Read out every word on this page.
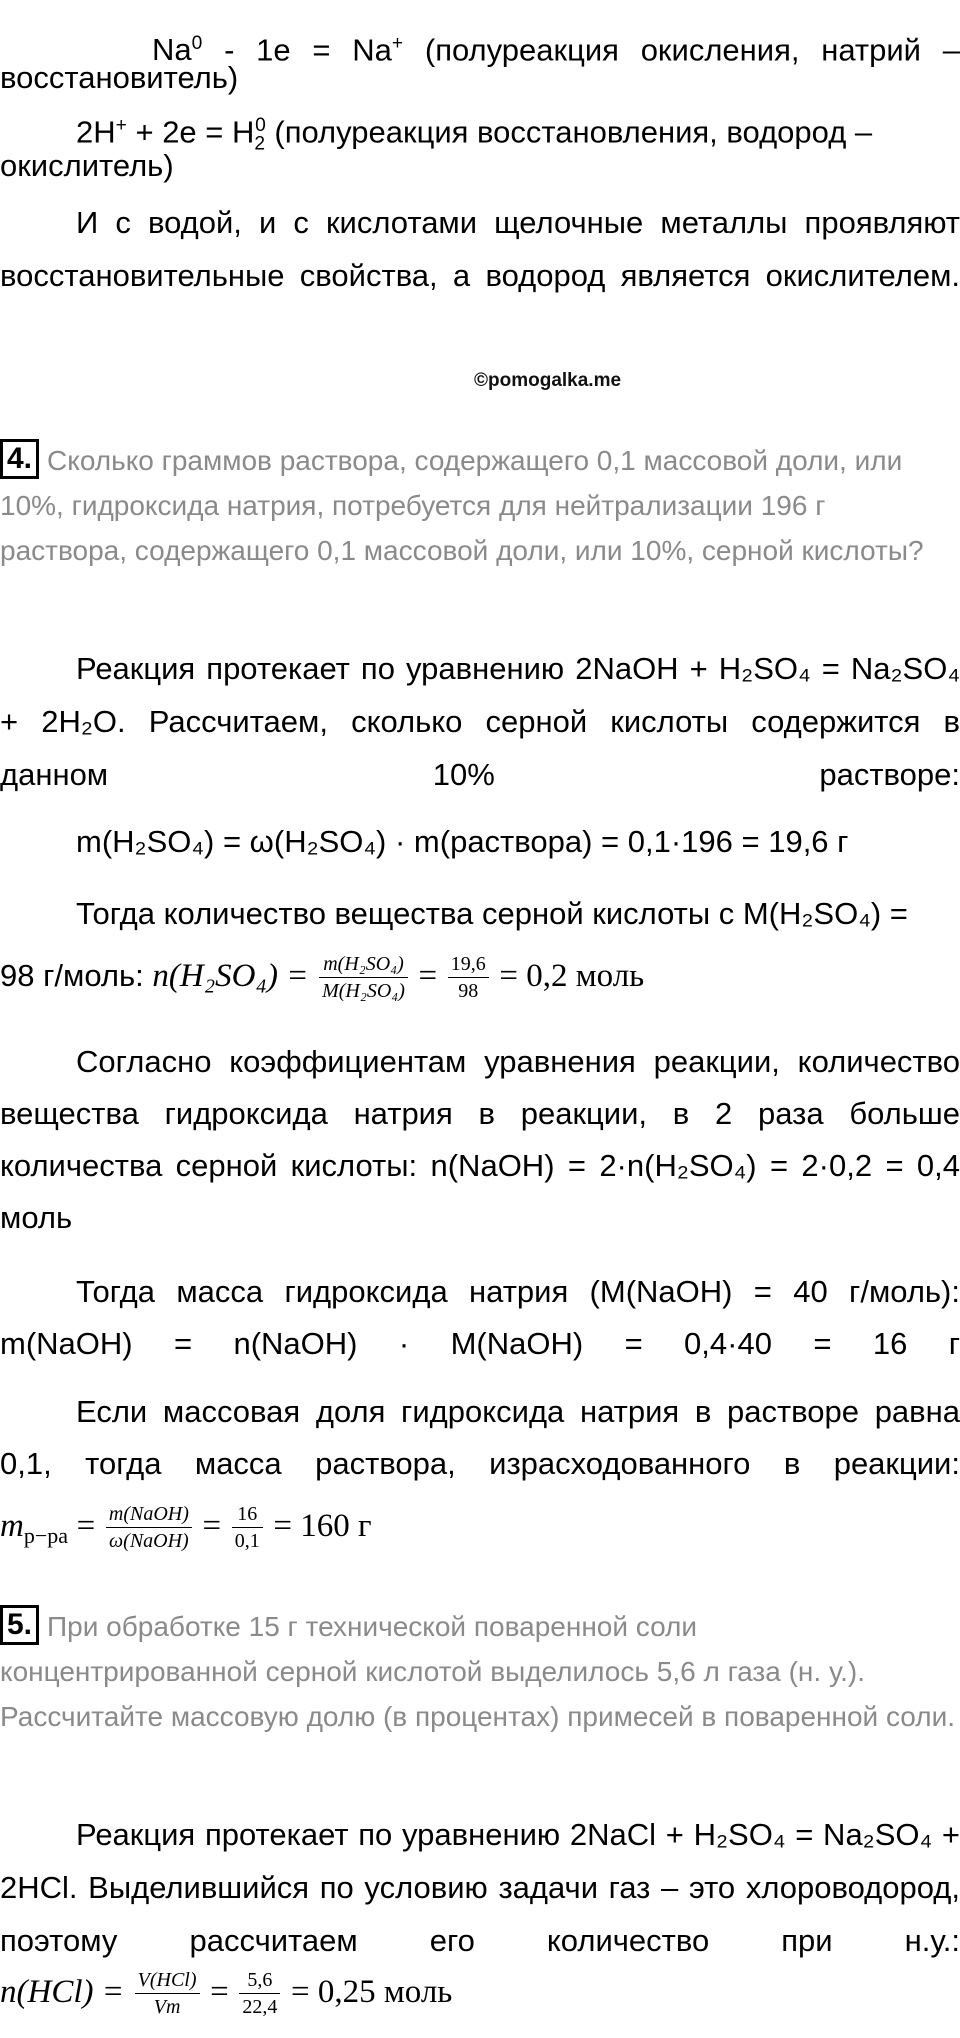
Na$^0$ - 1e = Na+ (полуреакция окисления, натрий –
восстановитель)
$2H^+ + 2e = H_2^0$ (полуреакция восстановления, водород –
окислитель)
И с водой, и с кислотами щелочные металлы проявляют восстановительные свойства, а водород является окислителем.
©pomogalka.me
4. Сколько граммов раствора, содержащего 0,1 массовой доли, или 10%, гидроксида натрия, потребуется для нейтрализации 196 г раствора, содержащего 0,1 массовой доли, или 10%, серной кислоты?
Реакция протекает по уравнению 2NaOH + H₂SO₄ = Na₂SO₄ + 2H₂O. Рассчитаем, сколько серной кислоты содержится в данном 10% растворе:
m(H₂SO₄) = ω(H₂SO₄) · m(раствора) = 0,1·196 = 19,6 г
Тогда количество вещества серной кислоты с M(H₂SO₄) =
98 г/моль: $n(H_2SO_4) = \frac{\text{m(H₂SO₄)}}{\text{M(H₂SO₄)}} = \frac{19,6}{98} = 0,2$ моль
Согласно коэффициентам уравнения реакции, количество вещества гидроксида натрия в реакции, в 2 раза больше количества серной кислоты: n(NaOH) = 2·n(H₂SO₄) = 2·0,2 = 0,4 моль
Тогда масса гидроксида натрия (M(NaOH) = 40 г/моль): m(NaOH) = n(NaOH) · M(NaOH) = 0,4·40 = 16 г
Если массовая доля гидроксида натрия в растворе равна 0,1, тогда масса раствора, израсходованного в реакции:
$m_{р-ра} = \frac{\text{m(NaOH)}}{\text{ω(NaOH)}} = \frac{16}{0,1} = 160$ г
5. При обработке 15 г технической поваренной соли концентрированной серной кислотой выделилось 5,6 л газа (н. у.). Рассчитайте массовую долю (в процентах) примесей в поваренной соли.
Реакция протекает по уравнению 2NaCl + H₂SO₄ = Na₂SO₄ + 2HCl. Выделившийся по условию задачи газ – это хлороводород, поэтому рассчитаем его количество при н.у.:
$n(HCl) = \frac{\text{V(HCl)}}{Vm} = \frac{5,6}{22,4} = 0,25$ моль
